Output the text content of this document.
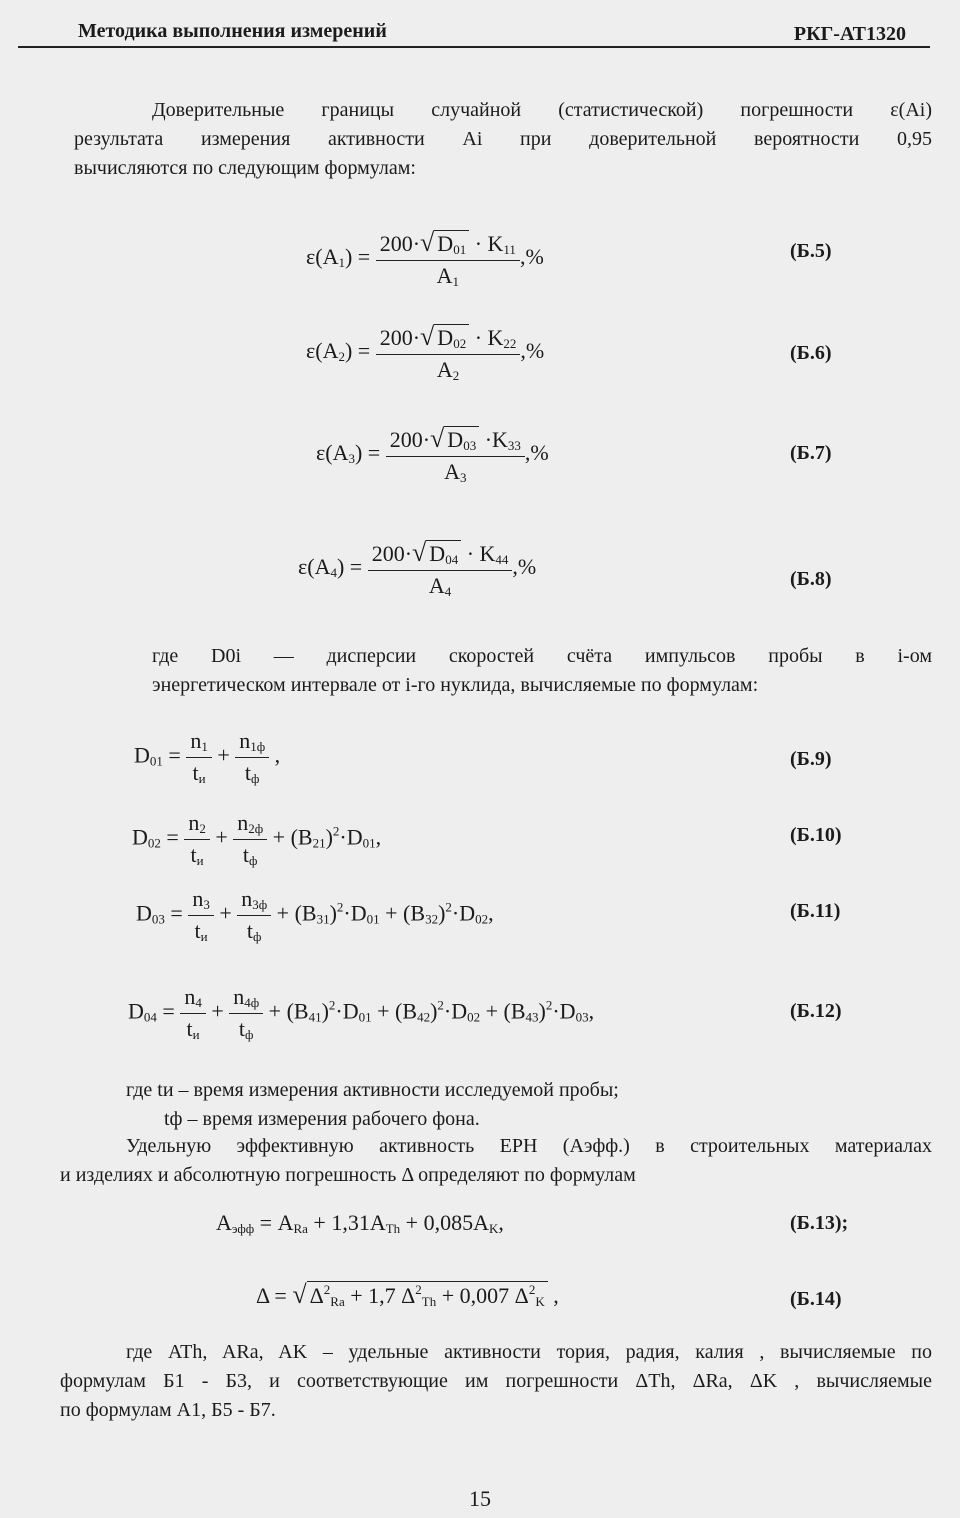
Методика выполнения измерений	РКГ-АТ1320
Доверительные границы случайной (статистической) погрешности ε(Ai)
результата измерения активности Ai при доверительной вероятности 0,95
вычисляются по следующим формулам:
$\varepsilon(A_1) = \frac{200\cdot√ D_{01} \cdot K_{11}}{A_1}$ ,%	(Б.5)
$\varepsilon(A_2) = \frac{200\cdot√ D_{02} \cdot K_{22}}{A_2}$ ,%	(Б.6)
$\varepsilon(A_3) = \frac{200\cdot√ D_{03} \cdot K_{33}}{A_3}$ ,%	(Б.7)
$\varepsilon(A_4) = \frac{200\cdot√ D_{04} \cdot K_{44}}{A_4}$ ,%	(Б.8)
где D0i — дисперсии скоростей счёта импульсов пробы в i-ом
энергетическом интервале от i-го нуклида, вычисляемые по формулам:
$D_{01} = \frac{n_1}{t_и} + \frac{n_{1ф}}{t_ф}$ ,	(Б.9)
$D_{02} = \frac{n_2}{t_и} + \frac{n_{2ф}}{t_ф} + (B_{21})^2\cdot D_{01}$,	(Б.10)
$D_{03} = \frac{n_3}{t_и} + \frac{n_{3ф}}{t_ф} + (B_{31})^2\cdot D_{01} + (B_{32})^2\cdot D_{02}$,	(Б.11)
$D_{04} = \frac{n_4}{t_и} + \frac{n_{4ф}}{t_ф} + (B_{41})^2\cdot D_{01} + (B_{42})^2\cdot D_{02} + (B_{43})^2\cdot D_{03}$,	(Б.12)
где tи – время измерения активности исследуемой пробы;
tф – время измерения рабочего фона.
Удельную эффективную активность ЕРН (Аэфф.) в строительных материалах
и изделиях и абсолютную погрешность Δ определяют по формулам
$A_{эфф} = A_{Ra} + 1,31A_{Th} + 0,085A_K$,	(Б.13);
Δ = √ $\Delta^2_{Ra} + 1,7$ $\Delta^2_{Th} + 0,007$ $\Delta^2_K$ ,	(Б.14)
где ATh, ARa, AK – удельные активности тория, радия, калия , вычисляемые по
формулам Б1 - Б3, и соответствующие им погрешности ΔTh, ΔRa, ΔK , вычисляемые
по формулам А1, Б5 - Б7.
15
